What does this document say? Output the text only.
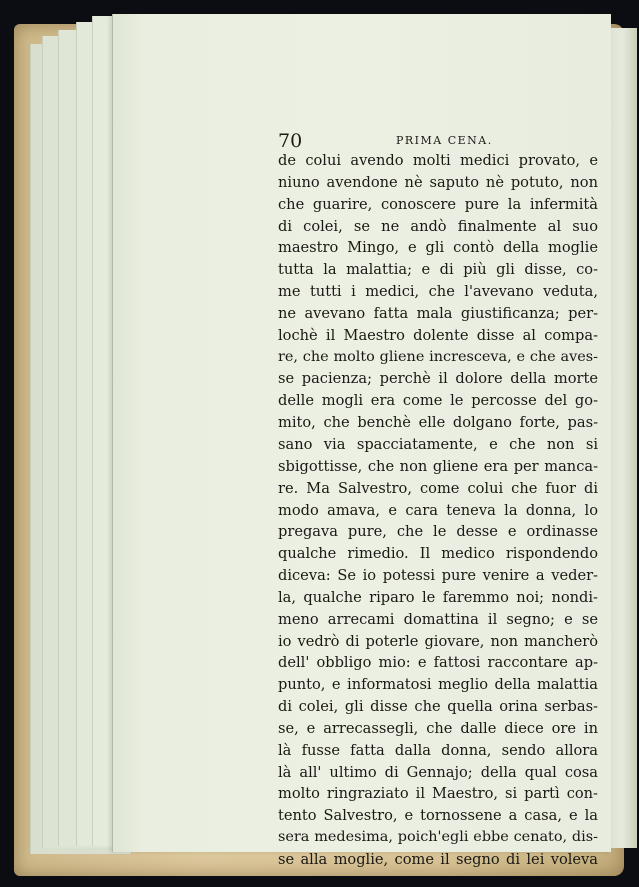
70	PRIMA CENA.
de colui avendo molti medici provato, e
niuno avendone nè saputo nè potuto, non
che guarire, conoscere pure la infermità
di colei, se ne andò finalmente al suo
maestro Mingo, e gli contò della moglie
tutta la malattia; e di più gli disse, co-
me tutti i medici, che l'avevano veduta,
ne avevano fatta mala giustificanza; per-
lochè il Maestro dolente disse al compa-
re, che molto gliene incresceva, e che aves-
se pacienza; perchè il dolore della morte
delle mogli era come le percosse del go-
mito, che benchè elle dolgano forte, pas-
sano via spacciatamente, e che non si
sbigottisse, che non gliene era per manca-
re. Ma Salvestro, come colui che fuor di
modo amava, e cara teneva la donna, lo
pregava pure, che le desse e ordinasse
qualche rimedio. Il medico rispondendo
diceva: Se io potessi pure venire a veder-
la, qualche riparo le faremmo noi; nondi-
meno arrecami domattina il segno; e se
io vedrò di poterle giovare, non mancherò
dell' obbligo mio: e fattosi raccontare ap-
punto, e informatosi meglio della malattia
di colei, gli disse che quella orina serbas-
se, e arrecassegli, che dalle diece ore in
là fusse fatta dalla donna, sendo allora
là all' ultimo di Gennajo; della qual cosa
molto ringraziato il Maestro, si partì con-
tento Salvestro, e tornossene a casa, e la
sera medesima, poich'egli ebbe cenato, dis-
se alla moglie, come il segno di lei voleva
